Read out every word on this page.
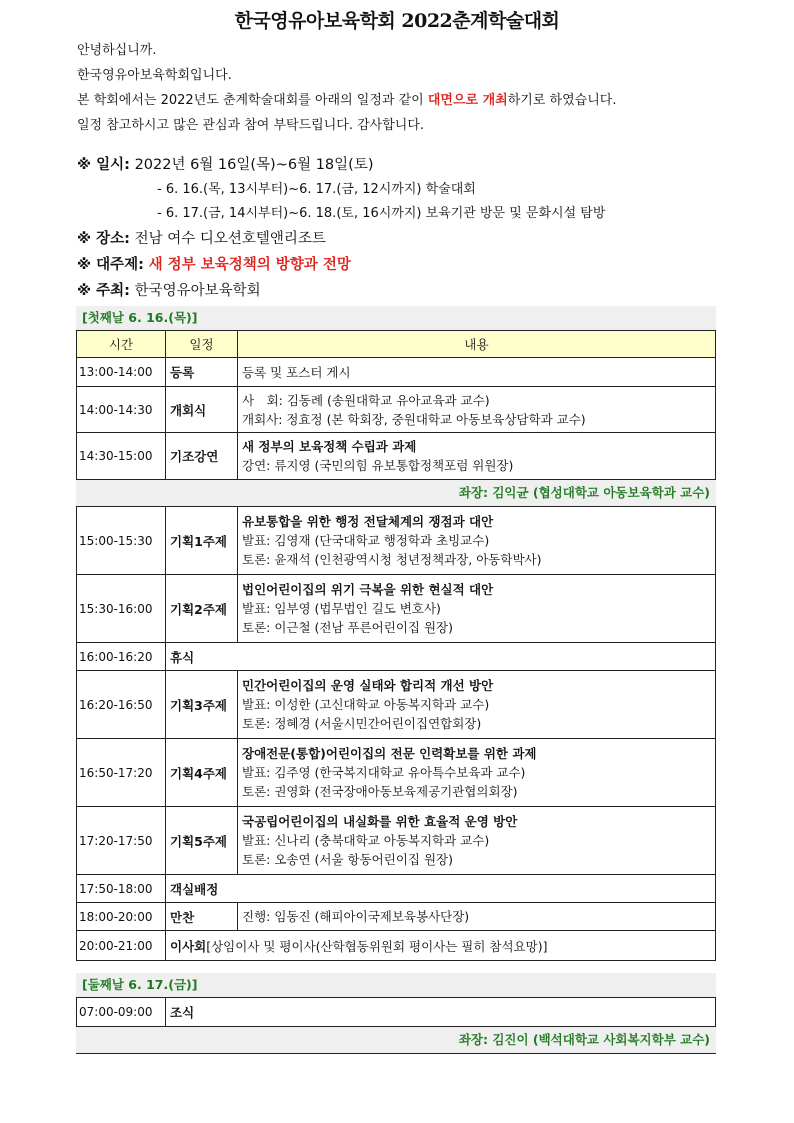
한국영유아보육학회 2022춘계학술대회

안녕하십니까.

한국영유아보육학회입니다.

본 학회에서는 2022년도 춘계학술대회를 아래의 일정과 같이 대면으로 개최하기로 하였습니다.

일정 참고하시고 많은 관심과 참여 부탁드립니다. 감사합니다.

※ 일시: 2022년 6월 16일(목)~6월 18일(토)
- 6. 16.(목, 13시부터)~6. 17.(금, 12시까지) 학술대회
- 6. 17.(금, 14시부터)~6. 18.(토, 16시까지) 보육기관 방문 및 문화시설 탐방
※ 장소: 전남 여수 디오션호텔앤리조트
※ 대주제: 새 정부 보육정책의 방향과 전망
※ 주최: 한국영유아보육학회
[첫째날 6. 16.(목)]
시간	일정	내용
13:00-14:00	등록	등록 및 포스터 게시

14:00-14:30	개회식	사　회: 김동례 (송원대학교 유아교육과 교수)
개회사: 정효정 (본 학회장, 중원대학교 아동보육상담학과 교수)

14:30-15:00	기조강연	새 정부의 보육정책 수립과 과제
강연: 류지영 (국민의힘 유보통합정책포럼 위원장)
좌장: 김익균 (협성대학교 아동보육학과 교수)
15:00-15:30	기획1주제	유보통합을 위한 행정 전달체계의 쟁점과 대안
발표: 김영재 (단국대학교 행정학과 초빙교수)
토론: 윤재석 (인천광역시청 청년정책과장, 아동학박사)

15:30-16:00	기획2주제	법인어린이집의 위기 극복을 위한 현실적 대안
발표: 임부영 (법무법인 길도 변호사)
토론: 이근철 (전남 푸른어린이집 원장)

16:00-16:20	휴식	
16:20-16:50	기획3주제	민간어린이집의 운영 실태와 합리적 개선 방안
발표: 이성한 (고신대학교 아동복지학과 교수)
토론: 정혜경 (서울시민간어린이집연합회장)

16:50-17:20	기획4주제	장애전문(통합)어린이집의 전문 인력확보를 위한 과제
발표: 김주영 (한국복지대학교 유아특수보육과 교수)
토론: 권영화 (전국장애아동보육제공기관협의회장)

17:20-17:50	기획5주제	국공립어린이집의 내실화를 위한 효율적 운영 방안
발표: 신나리 (충북대학교 아동복지학과 교수)
토론: 오송연 (서울 항동어린이집 원장)

17:50-18:00	객실배정	
18:00-20:00	만찬	진행: 임동진 (해피아이국제보육봉사단장)

20:00-21:00	이사회[상임이사 및 평이사(산학협동위원회 평이사는 필히 참석요망)]	
[둘째날 6. 17.(금)]
07:00-09:00	조식
좌장: 김진이 (백석대학교 사회복지학부 교수)
